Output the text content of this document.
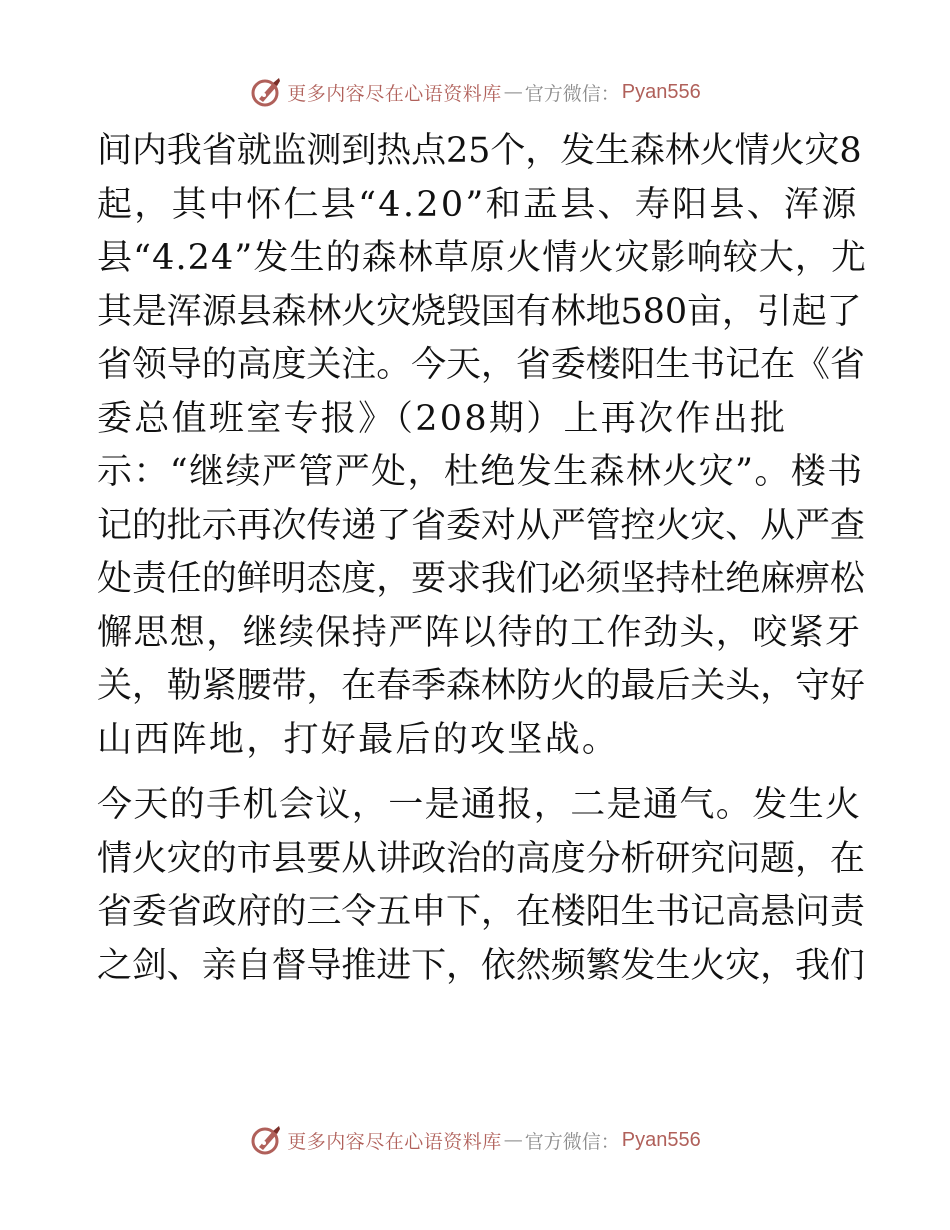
更多内容尽在心语资料库 — 官方微信： Pyan556
间内我省就监测到热点25个，发生森林火情火灾8
起，其中怀仁县“4.20”和盂县、寿阳县、浑源
县“4.24”发生的森林草原火情火灾影响较大，尤
其是浑源县森林火灾烧毁国有林地580亩，引起了
省领导的高度关注。今天，省委楼阳生书记在《省
委总值班室专报》（208期）上再次作出批
示：“继续严管严处，杜绝发生森林火灾”。楼书
记的批示再次传递了省委对从严管控火灾、从严查
处责任的鲜明态度，要求我们必须坚持杜绝麻痹松
懈思想，继续保持严阵以待的工作劲头，咬紧牙
关，勒紧腰带，在春季森林防火的最后关头，守好
山西阵地，打好最后的攻坚战。
今天的手机会议，一是通报，二是通气。发生火
情火灾的市县要从讲政治的高度分析研究问题，在
省委省政府的三令五申下，在楼阳生书记高悬问责
之剑、亲自督导推进下，依然频繁发生火灾，我们
更多内容尽在心语资料库 — 官方微信： Pyan556
